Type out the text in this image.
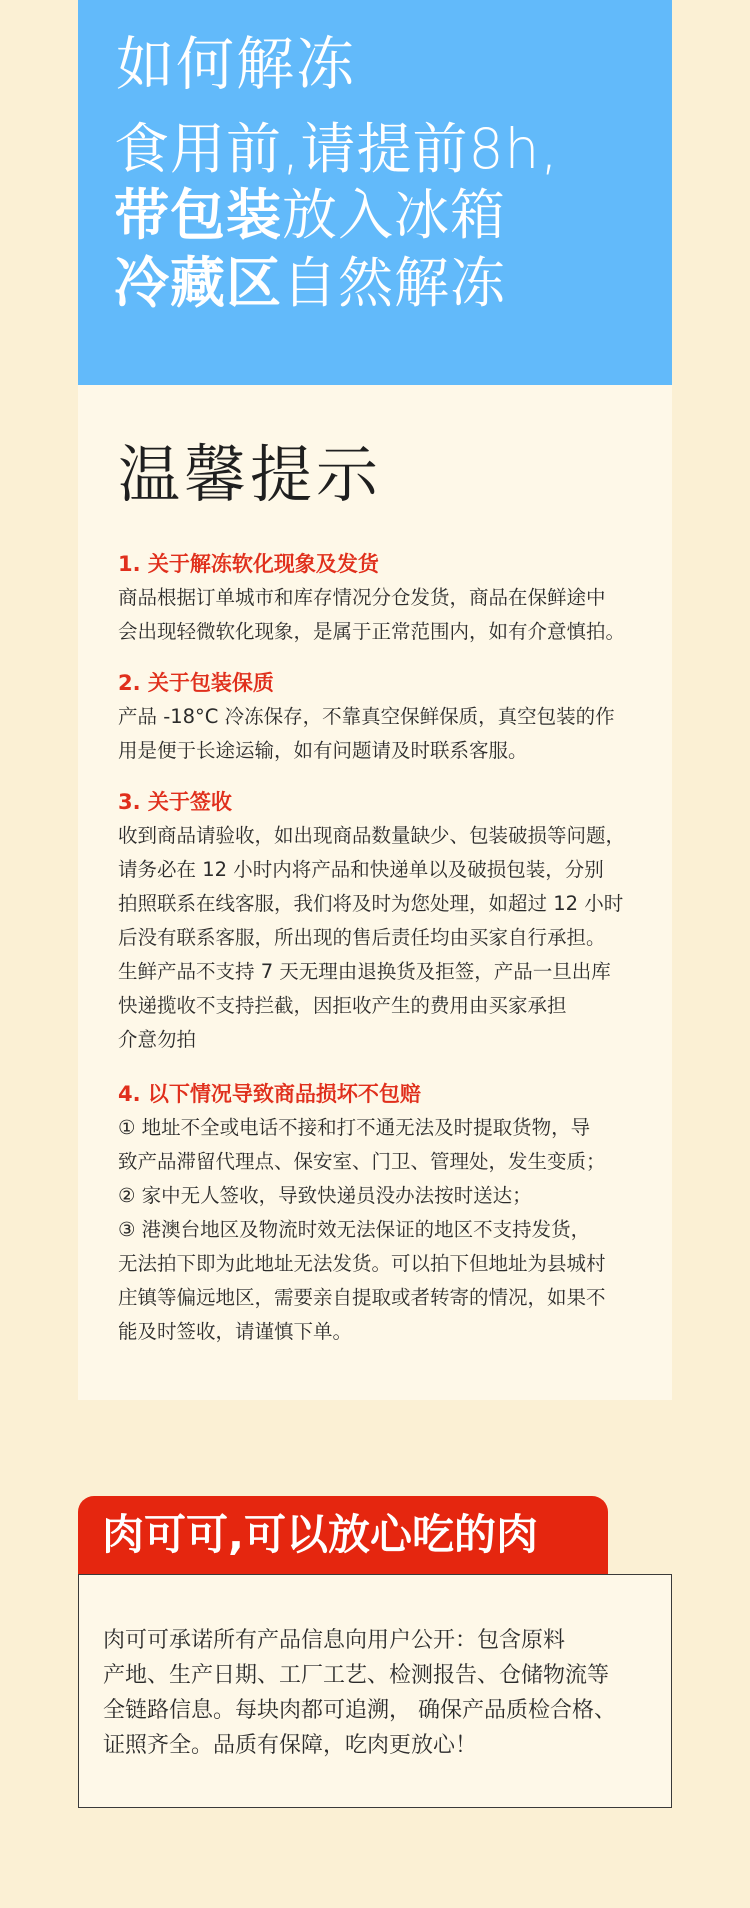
如何解冻
食用前,请提前8h,
带包装放入冰箱
冷藏区自然解冻
温馨提示
1. 关于解冻软化现象及发货
商品根据订单城市和库存情况分仓发货，商品在保鲜途中
会出现轻微软化现象，是属于正常范围内，如有介意慎拍。
2. 关于包装保质
产品 -18°C 冷冻保存，不靠真空保鲜保质，真空包装的作
用是便于长途运输，如有问题请及时联系客服。
3. 关于签收
收到商品请验收，如出现商品数量缺少、包装破损等问题，
请务必在 12 小时内将产品和快递单以及破损包装，分别
拍照联系在线客服，我们将及时为您处理，如超过 12 小时
后没有联系客服，所出现的售后责任均由买家自行承担。
生鲜产品不支持 7 天无理由退换货及拒签，产品一旦出库
快递揽收不支持拦截，因拒收产生的费用由买家承担
介意勿拍
4. 以下情况导致商品损坏不包赔
① 地址不全或电话不接和打不通无法及时提取货物，导
致产品滞留代理点、保安室、门卫、管理处，发生变质；
② 家中无人签收，导致快递员没办法按时送达；
③ 港澳台地区及物流时效无法保证的地区不支持发货，
无法拍下即为此地址无法发货。可以拍下但地址为县城村
庄镇等偏远地区，需要亲自提取或者转寄的情况，如果不
能及时签收，请谨慎下单。
肉可可,可以放心吃的肉
肉可可承诺所有产品信息向用户公开：包含原料
产地、生产日期、工厂工艺、检测报告、仓储物流等
全链路信息。每块肉都可追溯， 确保产品质检合格、
证照齐全。品质有保障，吃肉更放心！
